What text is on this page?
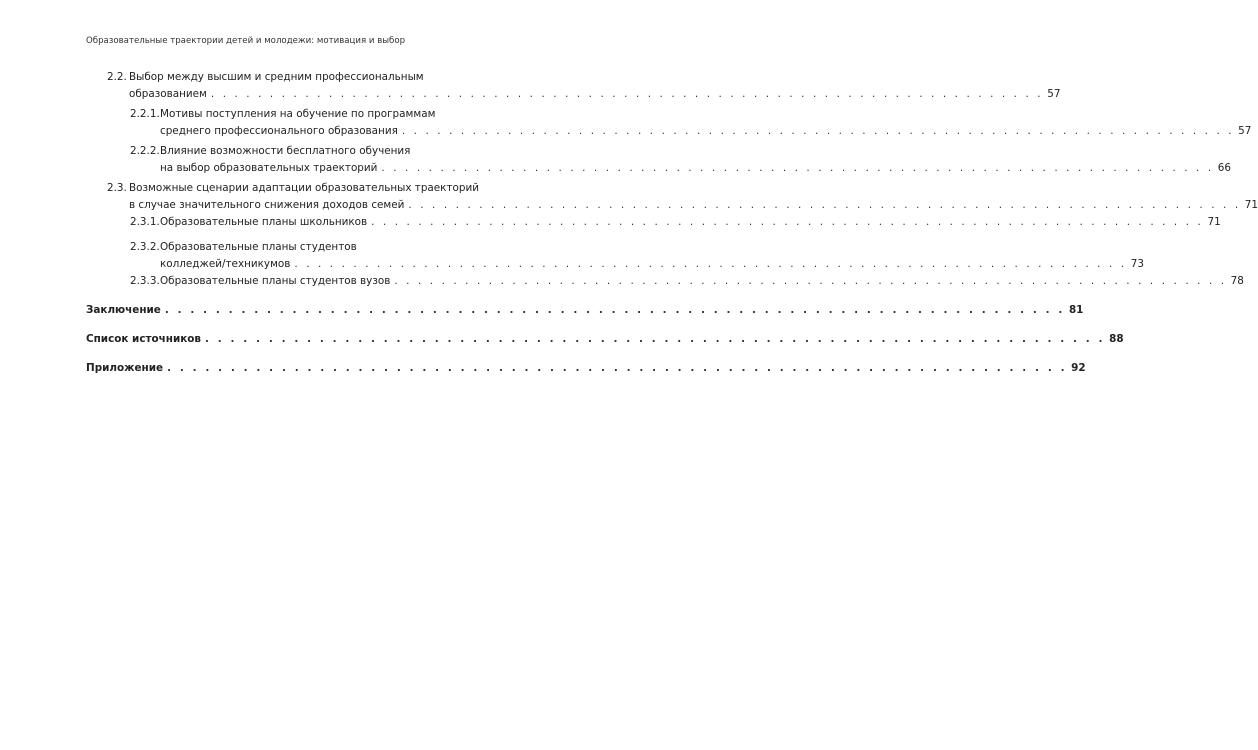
Образовательные траектории детей и молодежи: мотивация и выбор
2.2. Выбор между высшим и средним профессиональным
образованием . . . . . . . . . . . . . . . . . . . . . . . . . . . . . . . . . . . . . . . . . . . . . . . . . . . . . . . . . . . . . . . . . . . . . . . 57
2.2.1. Мотивы поступления на обучение по программам
среднего профессионального образования . . . . . . . . . . . . . . . . . . . . . . . . . . . . . . . . . . . . . . . . . . . . . . . . . . . . . . . . . . . . . . . . . . . . . . . 57
2.2.2. Влияние возможности бесплатного обучения
на выбор образовательных траекторий . . . . . . . . . . . . . . . . . . . . . . . . . . . . . . . . . . . . . . . . . . . . . . . . . . . . . . . . . . . . . . . . . . . . . . . 66
2.3. Возможные сценарии адаптации образовательных траекторий
в случае значительного снижения доходов семей . . . . . . . . . . . . . . . . . . . . . . . . . . . . . . . . . . . . . . . . . . . . . . . . . . . . . . . . . . . . . . . . . . . . . . . 71
2.3.1. Образовательные планы школьников . . . . . . . . . . . . . . . . . . . . . . . . . . . . . . . . . . . . . . . . . . . . . . . . . . . . . . . . . . . . . . . . . . . . . . . 71
2.3.2. Образовательные планы студентов
колледжей/техникумов . . . . . . . . . . . . . . . . . . . . . . . . . . . . . . . . . . . . . . . . . . . . . . . . . . . . . . . . . . . . . . . . . . . . . . . 73
2.3.3. Образовательные планы студентов вузов . . . . . . . . . . . . . . . . . . . . . . . . . . . . . . . . . . . . . . . . . . . . . . . . . . . . . . . . . . . . . . . . . . . . . . . 78
Заключение . . . . . . . . . . . . . . . . . . . . . . . . . . . . . . . . . . . . . . . . . . . . . . . . . . . . . . . . . . . . . . . . . . . . . . . 81
Список источников . . . . . . . . . . . . . . . . . . . . . . . . . . . . . . . . . . . . . . . . . . . . . . . . . . . . . . . . . . . . . . . . . . . . . . . 88
Приложение . . . . . . . . . . . . . . . . . . . . . . . . . . . . . . . . . . . . . . . . . . . . . . . . . . . . . . . . . . . . . . . . . . . . . . . 92
